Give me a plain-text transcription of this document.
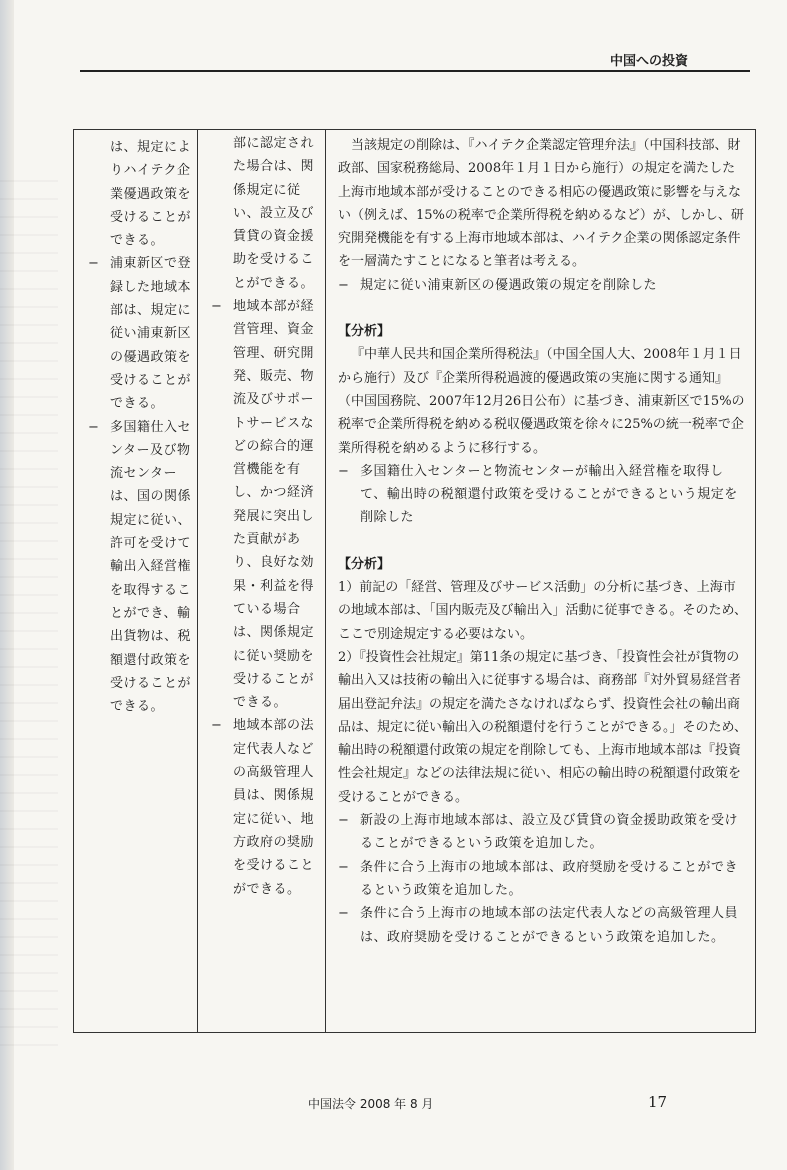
中国への投資
は、規定によりハイテク企業優遇政策を受けることができる。
− 浦東新区で登録した地域本部は、規定に従い浦東新区の優遇政策を受けることができる。
− 多国籍仕入センター及び物流センターは、国の関係規定に従い、許可を受けて輸出入経営権を取得することができ、輸出貨物は、税額還付政策を受けることができる。

部に認定された場合は、関係規定に従い、設立及び賃貸の資金援助を受けることができる。
− 地域本部が経営管理、資金管理、研究開発、販売、物流及びサポートサービスなどの綜合的運営機能を有し、かつ経済発展に突出した貢献があり、良好な効果・利益を得ている場合は、関係規定に従い奨励を受けることができる。
− 地域本部の法定代表人などの高級管理人員は、関係規定に従い、地方政府の奨励を受けることができる。

当該規定の削除は、『ハイテク企業認定管理弁法』（中国科技部、財政部、国家税務総局、2008年１月１日から施行）の規定を満たした上海市地域本部が受けることのできる相応の優遇政策に影響を与えない（例えば、15%の税率で企業所得税を納めるなど）が、しかし、研究開発機能を有する上海市地域本部は、ハイテク企業の関係認定条件を一層満たすことになると筆者は考える。
− 規定に従い浦東新区の優遇政策の規定を削除した
【分析】
『中華人民共和国企業所得税法』（中国全国人大、2008年１月１日から施行）及び『企業所得税過渡的優遇政策の実施に関する通知』（中国国務院、2007年12月26日公布）に基づき、浦東新区で15%の税率で企業所得税を納める税収優遇政策を徐々に25%の統一税率で企業所得税を納めるように移行する。
− 多国籍仕入センターと物流センターが輸出入経営権を取得して、輸出時の税額還付政策を受けることができるという規定を削除した
【分析】
1）前記の「経営、管理及びサービス活動」の分析に基づき、上海市の地域本部は、「国内販売及び輸出入」活動に従事できる。そのため、ここで別途規定する必要はない。
2）『投資性会社規定』第11条の規定に基づき、「投資性会社が貨物の輸出入又は技術の輸出入に従事する場合は、商務部『対外貿易経営者届出登記弁法』の規定を満たさなければならず、投資性会社の輸出商品は、規定に従い輸出入の税額還付を行うことができる。」そのため、輸出時の税額還付政策の規定を削除しても、上海市地域本部は『投資性会社規定』などの法律法規に従い、相応の輸出時の税額還付政策を受けることができる。
− 新設の上海市地域本部は、設立及び賃貸の資金援助政策を受けることができるという政策を追加した。
− 条件に合う上海市の地域本部は、政府奨励を受けることができるという政策を追加した。
− 条件に合う上海市の地域本部の法定代表人などの高級管理人員は、政府奨励を受けることができるという政策を追加した。
中国法令 2008 年 8 月	17
